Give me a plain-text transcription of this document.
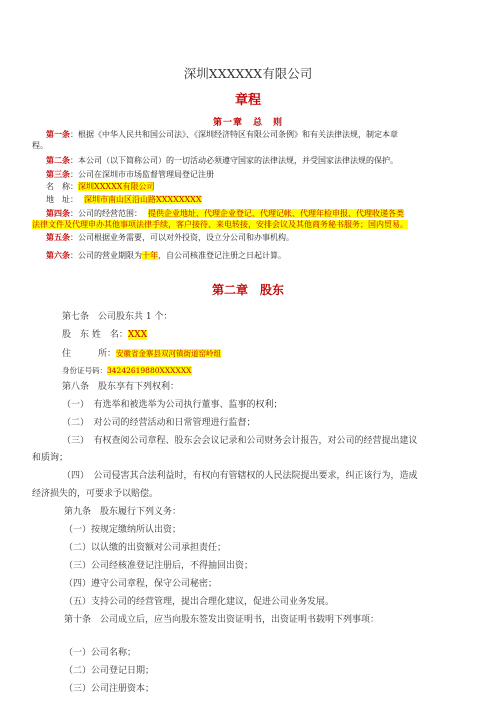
深圳XXXXXX有限公司
章程
第一章　总　则
第一条：根据《中华人民共和国公司法》、《深圳经济特区有限公司条例》和有关法律法规，制定本章
程。
第二条：本公司（以下简称公司）的一切活动必须遵守国家的法律法规，并受国家法律法规的保护。
第三条：公司在深圳市市场监督管理局登记注册
名　称：深圳XXXXX有限公司
地　址： 深圳市南山区沿山路XXXXXXXX
第四条：公司的经营范围： 提供企业地址、代理企业登记、代理记帐、代理年检申报、代理收递各类
法律文件及代理申办其他事项法律手续，客户接待、来电转接，安排会议及其他商务秘书服务；国内贸易。
第五条：公司根据业务需要，可以对外投资，设立分公司和办事机构。
第六条：公司的营业期限为十年，自公司核准登记注册之日起计算。
第二章　股东
第七条　公司股东共 1 个：
股　东 姓　名：XXX
住　　　所：安徽省金寨县双河镇街道窑岭组
身份证号码：34242619880XXXXXX
第八条　股东享有下列权利：
（一）　有选举和被选举为公司执行董事、监事的权利；
（二）　对公司的经营活动和日常管理进行监督；
（三）　有权查阅公司章程、股东会会议记录和公司财务会计报告，对公司的经营提出建议
和质询；
（四）　公司侵害其合法利益时，有权向有管辖权的人民法院提出要求，纠正该行为，造成
经济损失的，可要求予以赔偿。
第九条　股东履行下列义务：
（一）按规定缴纳所认出资；
（二）以认缴的出资额对公司承担责任；
（三）公司经核准登记注册后，不得抽回出资；
（四）遵守公司章程，保守公司秘密；
（五）支持公司的经营管理，提出合理化建议，促进公司业务发展。
第十条　公司成立后，应当向股东签发出资证明书，出资证明书载明下列事项：
（一）公司名称；
（二）公司登记日期；
（三）公司注册资本；
